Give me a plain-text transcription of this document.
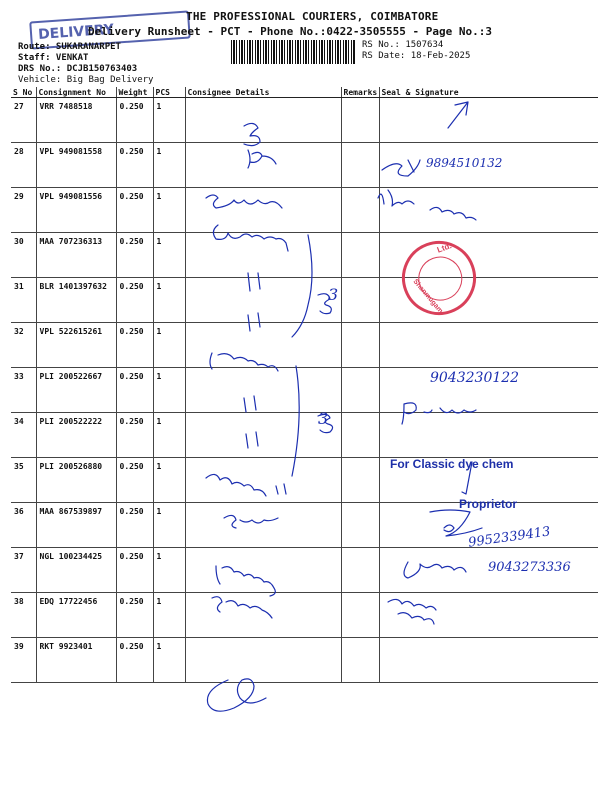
DELIVERY
THE PROFESSIONAL COURIERS, COIMBATORE
Delivery Runsheet - PCT - Phone No.:0422-3505555 - Page No.:3
Route: SUKARANARPET
Staff: VENKAT
DRS No.: DCJB150763403
Vehicle: Big Bag Delivery
RS No.: 1507634
RS Date: 18-Feb-2025
S No	Consignment No	Weight	PCS	Consignee Details	Remarks	Seal & Signature
27	VRR 7488518	0.250	1			
28	VPL 949081558	0.250	1			
29	VPL 949081556	0.250	1			
30	MAA 707236313	0.250	1			
31	BLR 1401397632	0.250	1			
32	VPL 522615261	0.250	1			
33	PLI 200522667	0.250	1			
34	PLI 200522222	0.250	1			
35	PLI 200526880	0.250	1			
36	MAA 867539897	0.250	1			
37	NGL 100234425	0.250	1			
38	EDQ 17722456	0.250	1			
39	RKT 9923401	0.250	1			
9894510132
9043230122
9952339413
9043273336
3
3
For Classic dye chem
Proprietor
Ltd.
Shanmugam
